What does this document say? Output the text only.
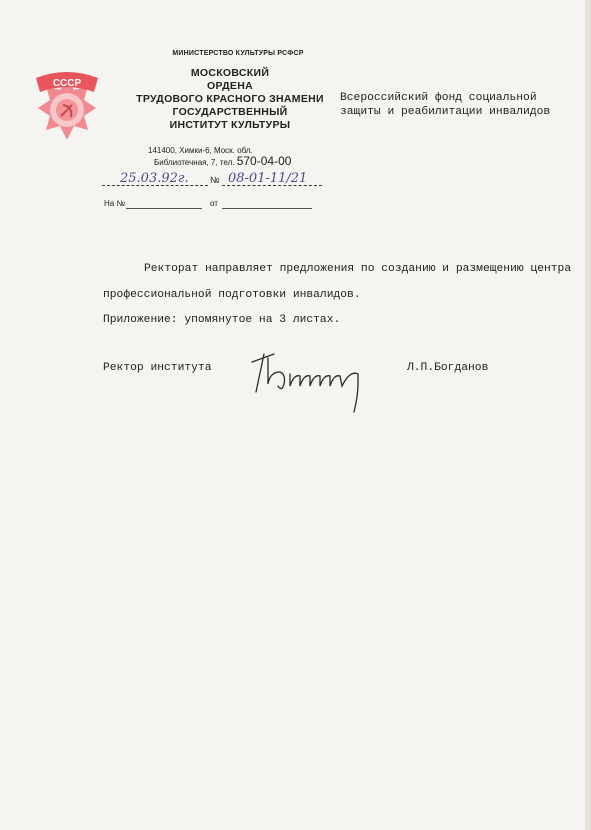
СССР
МИНИСТЕРСТВО КУЛЬТУРЫ РСФСР
МОСКОВСКИЙ
ОРДЕНА
ТРУДОВОГО КРАСНОГО ЗНАМЕНИ
ГОСУДАРСТВЕННЫЙ
ИНСТИТУТ КУЛЬТУРЫ
141400, Химки-6, Моск. обл.
Библиотечная, 7, тел. 570-04-00
Всероссийский фонд социальной
защиты и реабилитации инвалидов
25.03.92г. № 08-01-11/21
На №	от
Ректорат направляет предложения по созданию и размещению центра профессиональной подготовки инвалидов.
Приложение: упомянутое на 3 листах.
Ректор института	Л.П.Богданов
